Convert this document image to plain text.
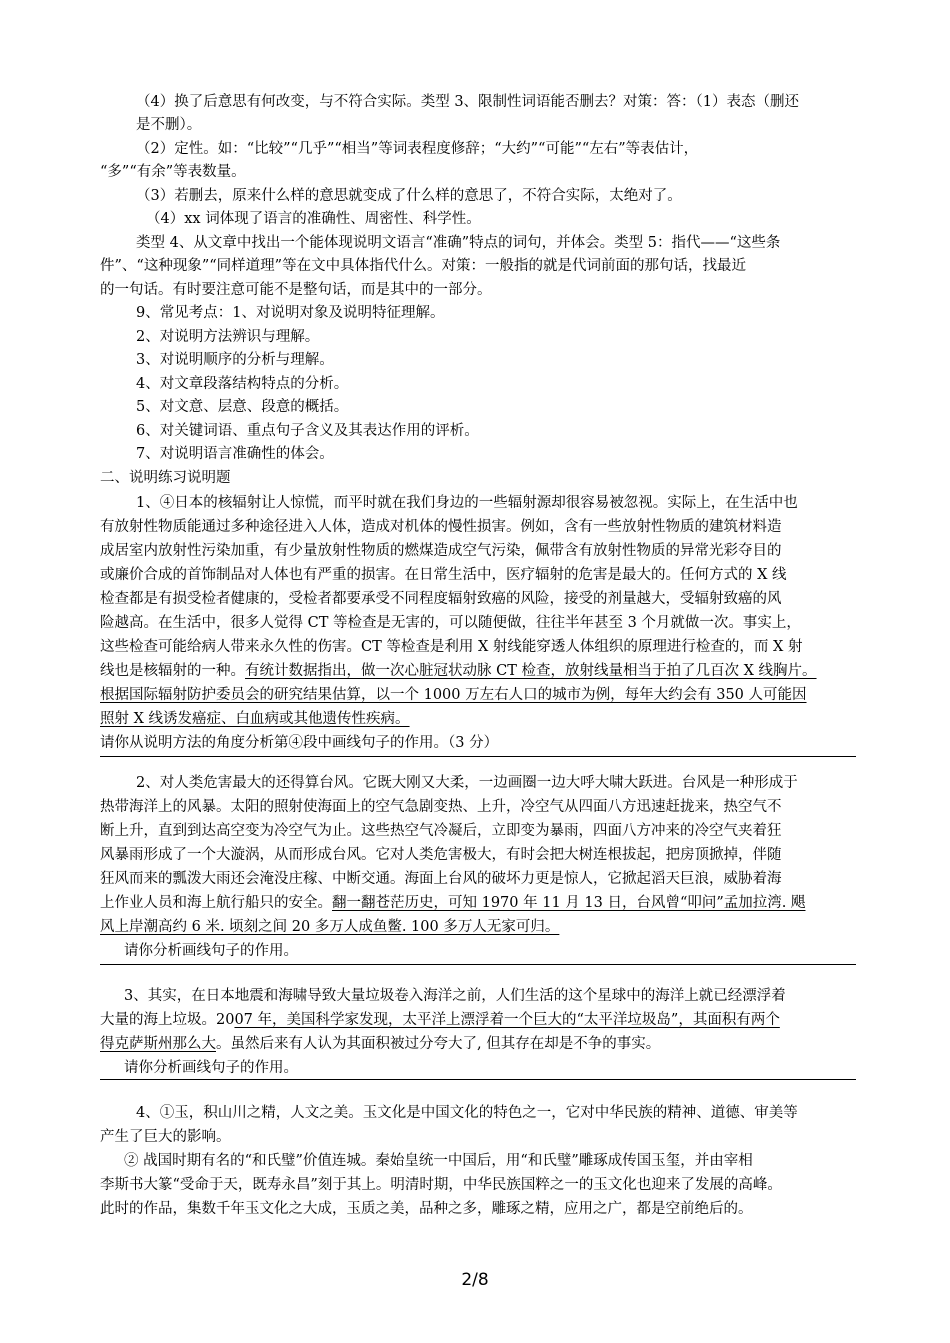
（4）换了后意思有何改变，与不符合实际。类型 3、限制性词语能否删去？对策：答：（1）表态（删还
是不删）。
（2）定性。如：“比较”“几乎”“相当”等词表程度修辞；“大约”“可能”“左右”等表估计，
“多”“有余”等表数量。
（3）若删去，原来什么样的意思就变成了什么样的意思了，不符合实际，太绝对了。
（4）xx 词体现了语言的准确性、周密性、科学性。
类型 4、从文章中找出一个能体现说明文语言“准确”特点的词句，并体会。类型 5：指代——“这些条
件”、“这种现象”“同样道理”等在文中具体指代什么。对策：一般指的就是代词前面的那句话，找最近
的一句话。有时要注意可能不是整句话，而是其中的一部分。
9、常见考点：1、对说明对象及说明特征理解。
2、对说明方法辨识与理解。
3、对说明顺序的分析与理解。
4、对文章段落结构特点的分析。
5、对文意、层意、段意的概括。
6、对关键词语、重点句子含义及其表达作用的评析。
7、对说明语言准确性的体会。
二、说明练习说明题
1、④日本的核辐射让人惊慌，而平时就在我们身边的一些辐射源却很容易被忽视。实际上，在生活中也
有放射性物质能通过多种途径进入人体，造成对机体的慢性损害。例如，含有一些放射性物质的建筑材料造
成居室内放射性污染加重，有少量放射性物质的燃煤造成空气污染，佩带含有放射性物质的异常光彩夺目的
或廉价合成的首饰制品对人体也有严重的损害。在日常生活中，医疗辐射的危害是最大的。任何方式的 X 线
检查都是有损受检者健康的，受检者都要承受不同程度辐射致癌的风险，接受的剂量越大，受辐射致癌的风
险越高。在生活中，很多人觉得 CT 等检查是无害的，可以随便做，往往半年甚至 3 个月就做一次。事实上，
这些检查可能给病人带来永久性的伤害。CT 等检查是利用 X 射线能穿透人体组织的原理进行检查的，而 X 射
线也是核辐射的一种。有统计数据指出，做一次心脏冠状动脉 CT 检查，放射线量相当于拍了几百次 X 线胸片。
根据国际辐射防护委员会的研究结果估算，以一个 1000 万左右人口的城市为例，每年大约会有 350 人可能因
照射 X 线诱发癌症、白血病或其他遗传性疾病。
请你从说明方法的角度分析第④段中画线句子的作用。（3 分）
2、对人类危害最大的还得算台风。它既大刚又大柔，一边画圈一边大呼大啸大跃进。台风是一种形成于
热带海洋上的风暴。太阳的照射使海面上的空气急剧变热、上升，冷空气从四面八方迅速赶拢来，热空气不
断上升，直到到达高空变为冷空气为止。这些热空气冷凝后，立即变为暴雨，四面八方冲来的冷空气夹着狂
风暴雨形成了一个大漩涡，从而形成台风。它对人类危害极大，有时会把大树连根拔起，把房顶掀掉，伴随
狂风而来的瓢泼大雨还会淹没庄稼、中断交通。海面上台风的破坏力更是惊人，它掀起滔天巨浪，威胁着海
上作业人员和海上航行船只的安全。翻一翻苍茫历史，可知 1970 年 11 月 13 日，台风曾“叩问”孟加拉湾. 飓
风上岸潮高约 6 米. 顷刻之间 20 多万人成鱼鳖. 100 多万人无家可归。
请你分析画线句子的作用。
3、其实，在日本地震和海啸导致大量垃圾卷入海洋之前，人们生活的这个星球中的海洋上就已经漂浮着
大量的海上垃圾。2007 年，美国科学家发现，太平洋上漂浮着一个巨大的“太平洋垃圾岛”，其面积有两个
得克萨斯州那么大。虽然后来有人认为其面积被过分夸大了, 但其存在却是不争的事实。
请你分析画线句子的作用。
4、①玉，积山川之精，人文之美。玉文化是中国文化的特色之一，它对中华民族的精神、道德、审美等
产生了巨大的影响。
② 战国时期有名的“和氏璧”价值连城。秦始皇统一中国后，用“和氏璧”雕琢成传国玉玺，并由宰相
李斯书大篆“受命于天，既寿永昌”刻于其上。明清时期，中华民族国粹之一的玉文化也迎来了发展的高峰。
此时的作品，集数千年玉文化之大成，玉质之美，品种之多，雕琢之精，应用之广，都是空前绝后的。
2/8
